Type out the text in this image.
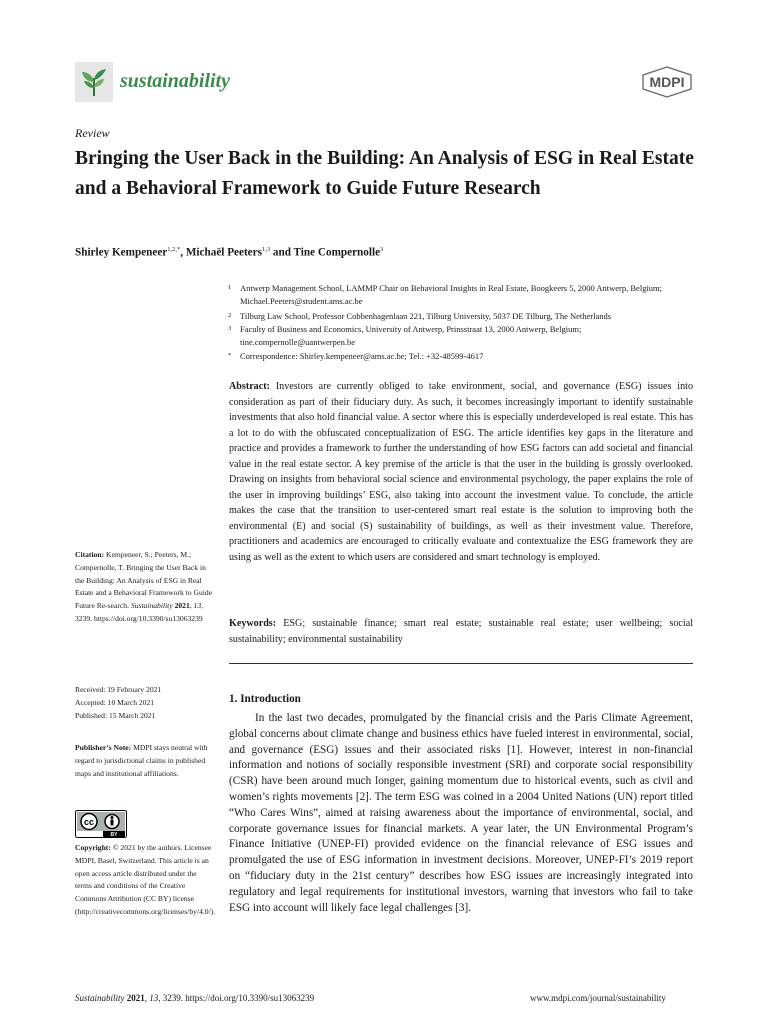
sustainability	MDPI
Review
Bringing the User Back in the Building: An Analysis of ESG in Real Estate and a Behavioral Framework to Guide Future Research
Shirley Kempeneer$^{1,2,*}$, Michaël Peeters$^{1,3}$ and Tine Compernolle$^3$
1	Antwerp Management School, LAMMP Chair on Behavioral Insights in Real Estate, Boogkeers 5, 2000 Antwerp, Belgium; Michael.Peeters@student.ams.ac.be
2	Tilburg Law School, Professor Cobbenhagenlaan 221, Tilburg University, 5037 DE Tilburg, The Netherlands
3	Faculty of Business and Economics, University of Antwerp, Prinsstraat 13, 2000 Antwerp, Belgium; tine.compernolle@uantwerpen.be
*	Correspondence: Shirley.kempeneer@ams.ac.be; Tel.: +32-48599-4617
Abstract: Investors are currently obliged to take environment, social, and governance (ESG) issues into consideration as part of their fiduciary duty. As such, it becomes increasingly important to identify sustainable investments that also hold financial value. A sector where this is especially underdeveloped is real estate. This has a lot to do with the obfuscated conceptualization of ESG. The article identifies key gaps in the literature and practice and provides a framework to further the understanding of how ESG factors can add societal and financial value in the real estate sector. A key premise of the article is that the user in the building is grossly overlooked. Drawing on insights from behavioral social science and environmental psychology, the paper explains the role of the user in improving buildings’ ESG, also taking into account the investment value. To conclude, the article makes the case that the transition to user-centered smart real estate is the solution to improving both the environmental (E) and social (S) sustainability of buildings, as well as their investment value. Therefore, practitioners and academics are encouraged to critically evaluate and contextualize the ESG framework they are using as well as the extent to which users are considered and smart technology is employed.
Keywords: ESG; sustainable finance; smart real estate; sustainable real estate; user wellbeing; social sustainability; environmental sustainability
Citation: Kempeneer, S.; Peeters, M.; Compernolle, T. Bringing the User Back in the Building: An Analysis of ESG in Real Estate and a Behavioral Framework to Guide Future Re-search. Sustainability 2021, 13, 3239. https://doi.org/10.3390/su13063239
Received: 19 February 2021
Accepted: 10 March 2021
Published: 15 March 2021
Publisher’s Note: MDPI stays neutral with regard to jurisdictional claims in published maps and institutional affiliations.
cc
BY
Copyright: © 2021 by the authors. Licensee MDPI, Basel, Switzerland. This article is an open access article distributed under the terms and conditions of the Creative Commons Attribution (CC BY) license (http://creativecommons.org/licenses/by/4.0/).
1. Introduction

In the last two decades, promulgated by the financial crisis and the Paris Climate Agreement, global concerns about climate change and business ethics have fueled interest in environmental, social, and governance (ESG) issues and their associated risks [1]. However, interest in non-financial information and notions of socially responsible investment (SRI) and corporate social responsibility (CSR) have been around much longer, gaining momentum due to historical events, such as civil and women’s rights movements [2]. The term ESG was coined in a 2004 United Nations (UN) report titled “Who Cares Wins”, aimed at raising awareness about the importance of environmental, social, and corporate governance issues for financial markets. A year later, the UN Environmental Program’s Finance Initiative (UNEP-FI) provided evidence on the financial relevance of ESG issues and promulgated the use of ESG information in investment decisions. Moreover, UNEP-FI’s 2019 report on “fiduciary duty in the 21st century” describes how ESG issues are increasingly integrated into regulatory and legal requirements for institutional investors, warning that investors who fail to take ESG into account will likely face legal challenges [3].

Sustainability 2021, 13, 3239. https://doi.org/10.3390/su13063239	www.mdpi.com/journal/sustainability
